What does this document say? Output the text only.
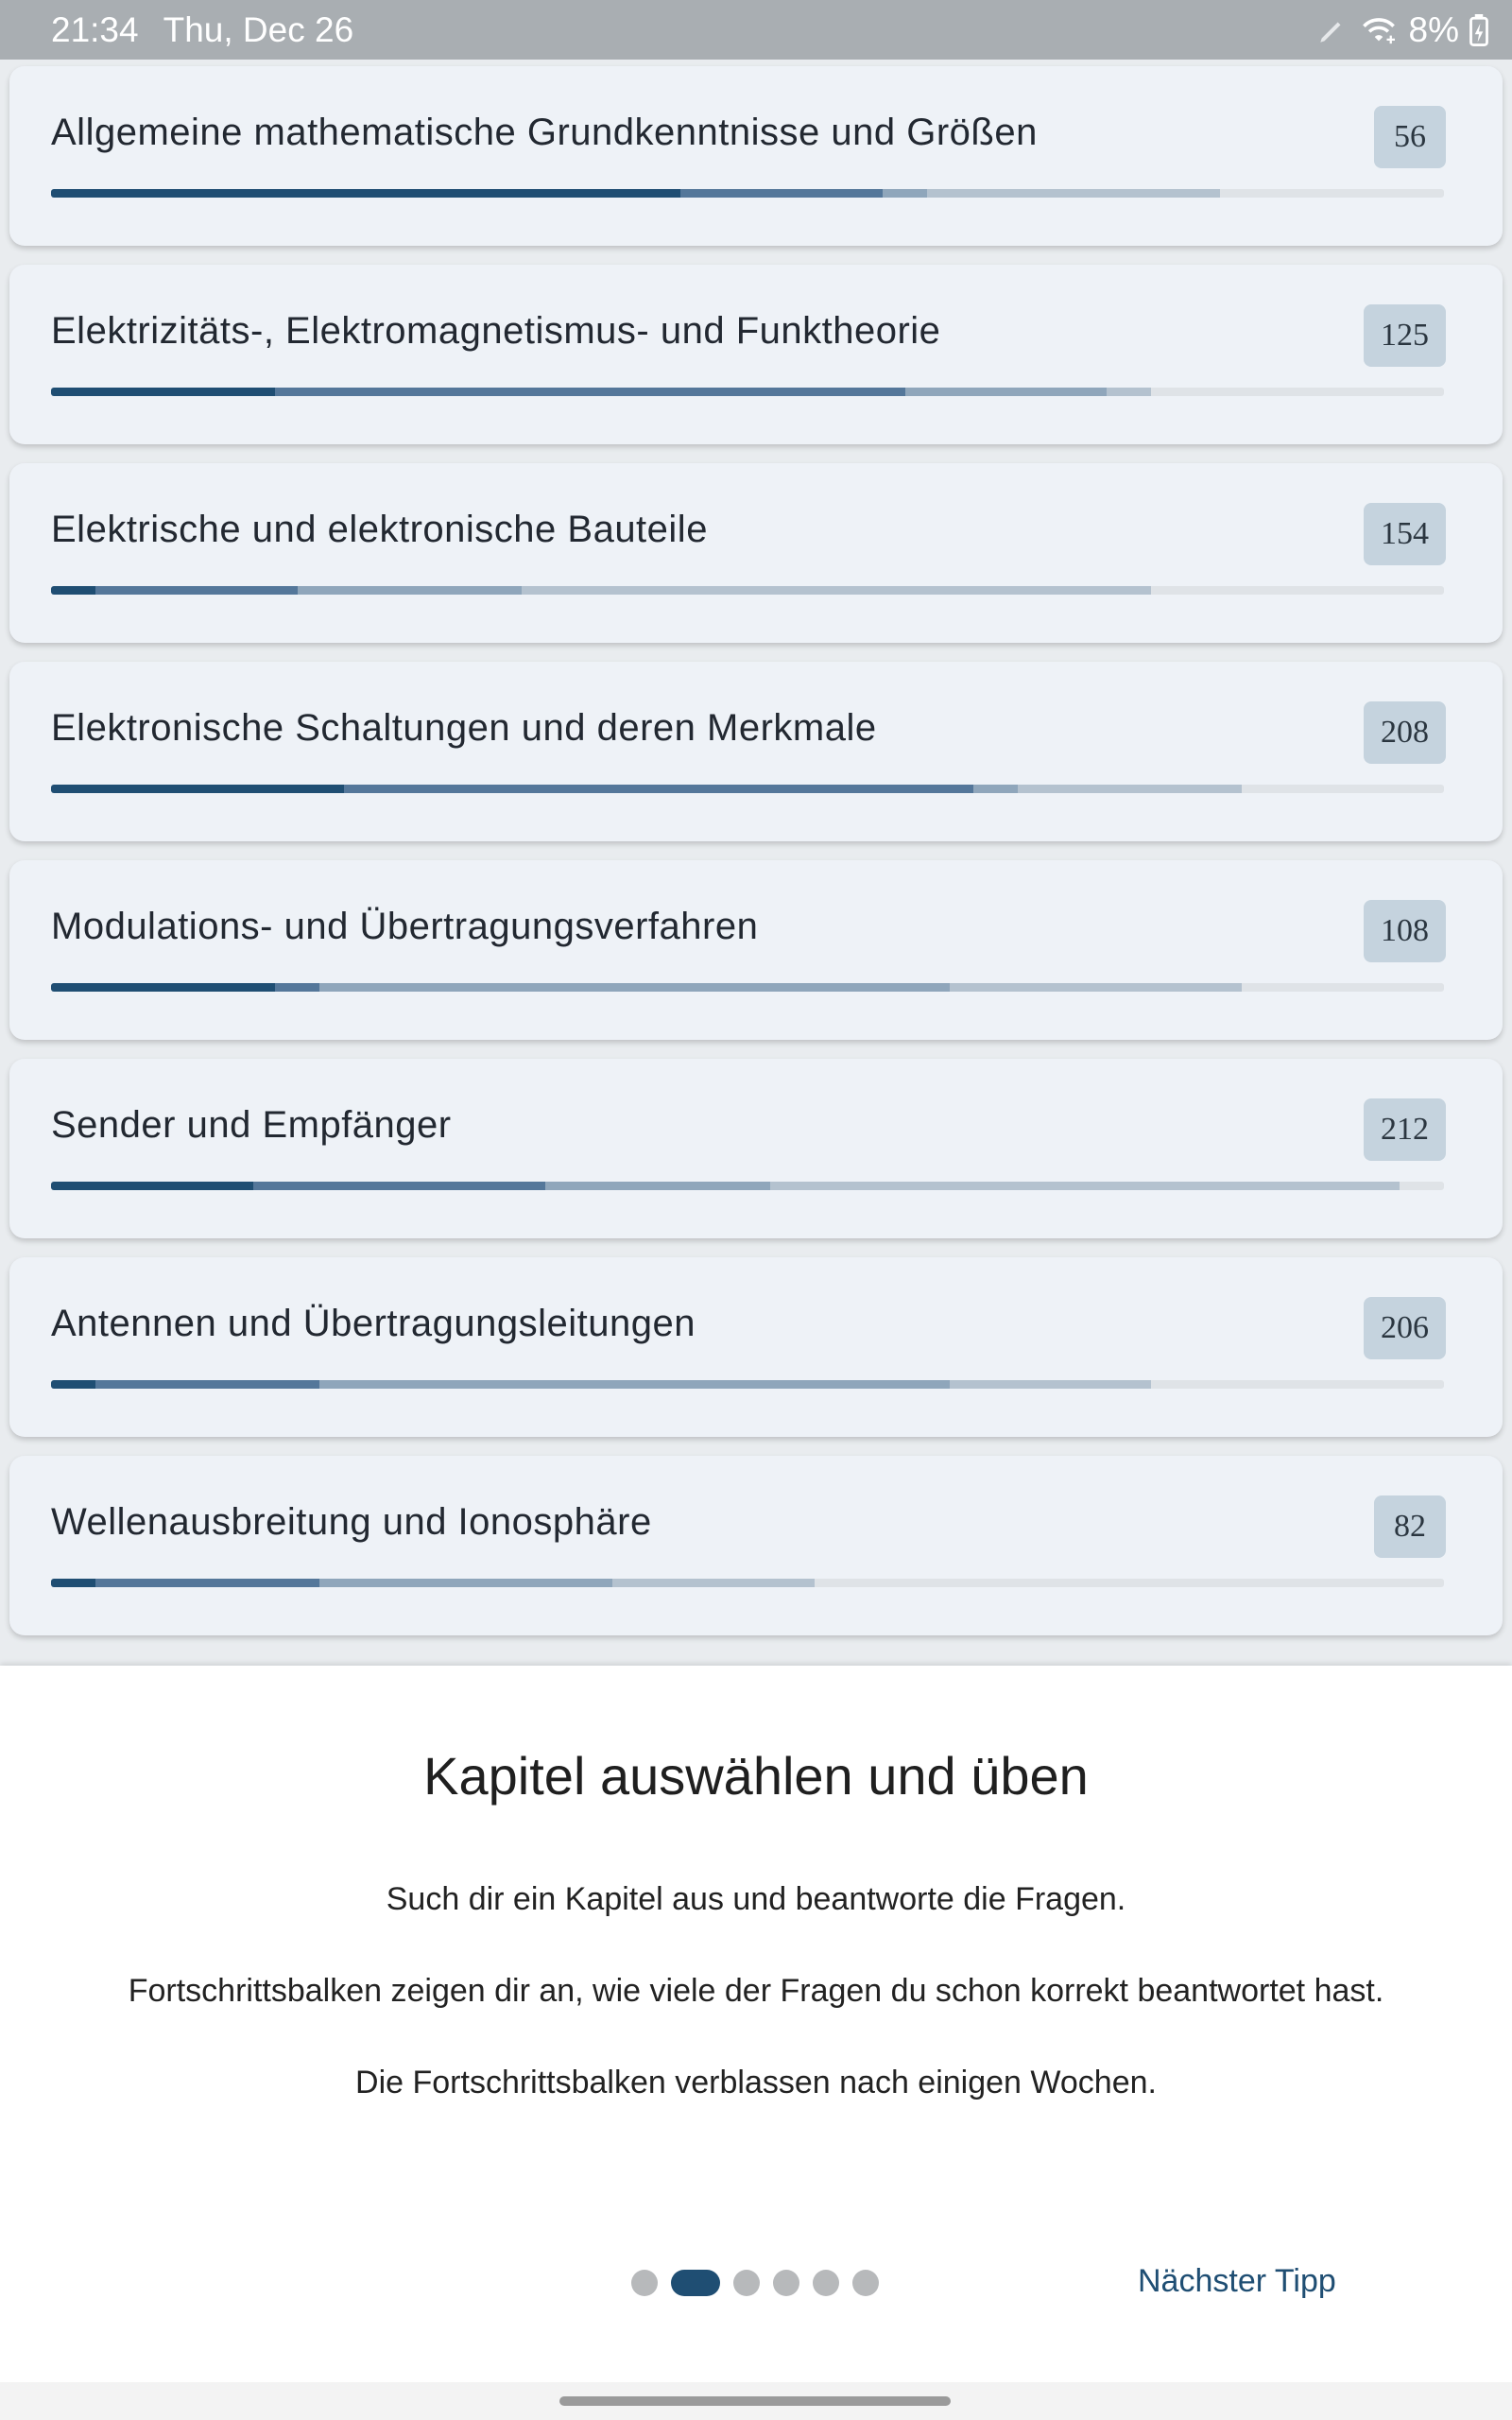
21:34 Thu, Dec 26	8%
Allgemeine mathematische Grundkenntnisse und Größen	56
Elektrizitäts-, Elektromagnetismus- und Funktheorie	125
Elektrische und elektronische Bauteile	154
Elektronische Schaltungen und deren Merkmale	208
Modulations- und Übertragungsverfahren	108
Sender und Empfänger	212
Antennen und Übertragungsleitungen	206
Wellenausbreitung und Ionosphäre	82
Kapitel auswählen und üben
Such dir ein Kapitel aus und beantworte die Fragen.
Fortschrittsbalken zeigen dir an, wie viele der Fragen du schon korrekt beantwortet hast.
Die Fortschrittsbalken verblassen nach einigen Wochen.
Nächster Tipp
